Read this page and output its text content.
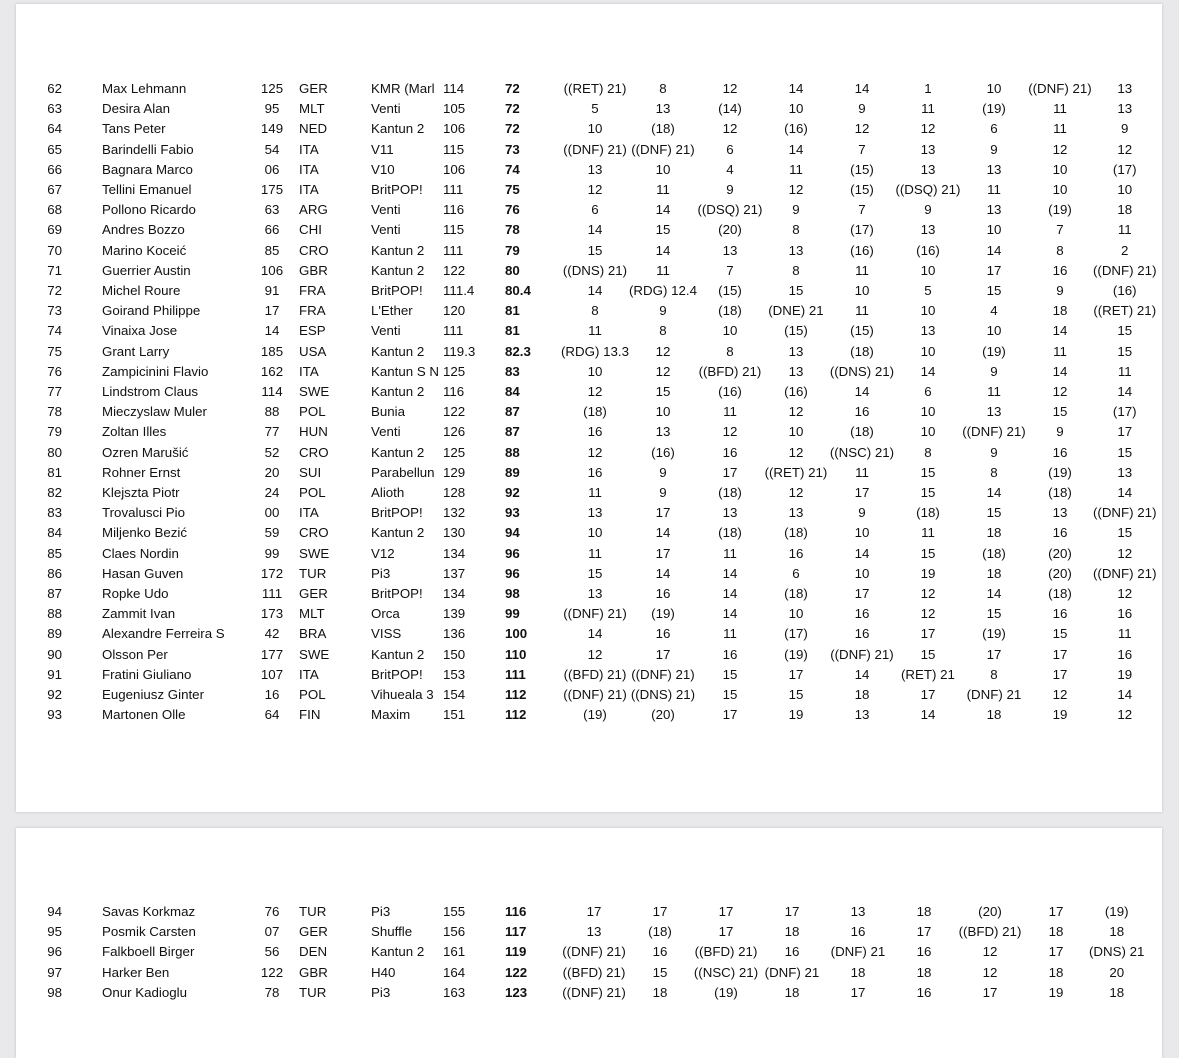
62	Max Lehmann	125	GER	KMR (Marl	114	72	((RET) 21)	8	12	14	14	1	10	((DNF) 21)	13
63	Desira Alan	95	MLT	Venti	105	72	5	13	(14)	10	9	11	(19)	11	13
64	Tans Peter	149	NED	Kantun 2	106	72	10	(18)	12	(16)	12	12	6	11	9
65	Barindelli Fabio	54	ITA	V11	115	73	((DNF) 21)	((DNF) 21)	6	14	7	13	9	12	12
66	Bagnara Marco	06	ITA	V10	106	74	13	10	4	11	(15)	13	13	10	(17)
67	Tellini Emanuel	175	ITA	BritPOP!	111	75	12	11	9	12	(15)	((DSQ) 21)	11	10	10
68	Pollono Ricardo	63	ARG	Venti	116	76	6	14	((DSQ) 21)	9	7	9	13	(19)	18
69	Andres Bozzo	66	CHI	Venti	115	78	14	15	(20)	8	(17)	13	10	7	11
70	Marino Koceić	85	CRO	Kantun 2	111	79	15	14	13	13	(16)	(16)	14	8	2
71	Guerrier Austin	106	GBR	Kantun 2	122	80	((DNS) 21)	11	7	8	11	10	17	16	((DNF) 21)
72	Michel Roure	91	FRA	BritPOP!	111.4	80.4	14	(RDG) 12.4	(15)	15	10	5	15	9	(16)
73	Goirand Philippe	17	FRA	L'Ether	120	81	8	9	(18)	(DNE) 21	11	10	4	18	((RET) 21)
74	Vinaixa Jose	14	ESP	Venti	111	81	11	8	10	(15)	(15)	13	10	14	15
75	Grant Larry	185	USA	Kantun 2	119.3	82.3	(RDG) 13.3	12	8	13	(18)	10	(19)	11	15
76	Zampicinini Flavio	162	ITA	Kantun S N	125	83	10	12	((BFD) 21)	13	((DNS) 21)	14	9	14	11
77	Lindstrom Claus	114	SWE	Kantun 2	116	84	12	15	(16)	(16)	14	6	11	12	14
78	Mieczyslaw Muler	88	POL	Bunia	122	87	(18)	10	11	12	16	10	13	15	(17)
79	Zoltan Illes	77	HUN	Venti	126	87	16	13	12	10	(18)	10	((DNF) 21)	9	17
80	Ozren Marušić	52	CRO	Kantun 2	125	88	12	(16)	16	12	((NSC) 21)	8	9	16	15
81	Rohner Ernst	20	SUI	Parabellun	129	89	16	9	17	((RET) 21)	11	15	8	(19)	13
82	Klejszta Piotr	24	POL	Alioth	128	92	11	9	(18)	12	17	15	14	(18)	14
83	Trovalusci Pio	00	ITA	BritPOP!	132	93	13	17	13	13	9	(18)	15	13	((DNF) 21)
84	Miljenko Bezić	59	CRO	Kantun 2	130	94	10	14	(18)	(18)	10	11	18	16	15
85	Claes Nordin	99	SWE	V12	134	96	11	17	11	16	14	15	(18)	(20)	12
86	Hasan Guven	172	TUR	Pi3	137	96	15	14	14	6	10	19	18	(20)	((DNF) 21)
87	Ropke Udo	111	GER	BritPOP!	134	98	13	16	14	(18)	17	12	14	(18)	12
88	Zammit Ivan	173	MLT	Orca	139	99	((DNF) 21)	(19)	14	10	16	12	15	16	16
89	Alexandre Ferreira S	42	BRA	VISS	136	100	14	16	11	(17)	16	17	(19)	15	11
90	Olsson Per	177	SWE	Kantun 2	150	110	12	17	16	(19)	((DNF) 21)	15	17	17	16
91	Fratini Giuliano	107	ITA	BritPOP!	153	111	((BFD) 21)	((DNF) 21)	15	17	14	(RET) 21	8	17	19
92	Eugeniusz Ginter	16	POL	Vihueala 3	154	112	((DNF) 21)	((DNS) 21)	15	15	18	17	(DNF) 21	12	14
93	Martonen Olle	64	FIN	Maxim	151	112	(19)	(20)	17	19	13	14	18	19	12
94	Savas Korkmaz	76	TUR	Pi3	155	116	17	17	17	17	13	18	(20)	17	(19)
95	Posmik Carsten	07	GER	Shuffle	156	117	13	(18)	17	18	16	17	((BFD) 21)	18	18
96	Falkboell Birger	56	DEN	Kantun 2	161	119	((DNF) 21)	16	((BFD) 21)	16	(DNF) 21	16	12	17	(DNS) 21
97	Harker Ben	122	GBR	H40	164	122	((BFD) 21)	15	((NSC) 21)	(DNF) 21	18	18	12	18	20
98	Onur Kadioglu	78	TUR	Pi3	163	123	((DNF) 21)	18	(19)	18	17	16	17	19	18
